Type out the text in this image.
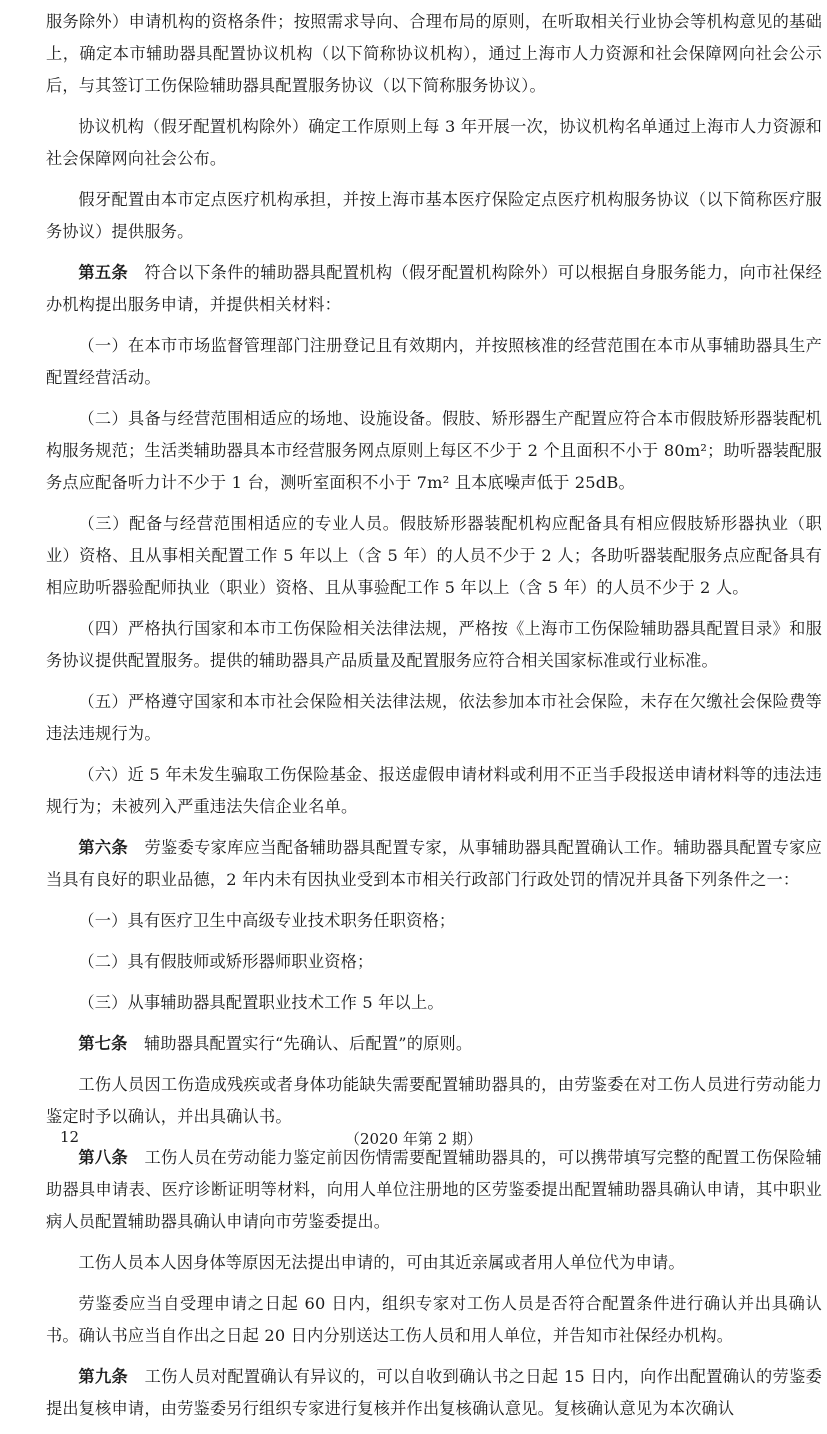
服务除外）申请机构的资格条件；按照需求导向、合理布局的原则，在听取相关行业协会等机构意见的基础上，确定本市辅助器具配置协议机构（以下简称协议机构），通过上海市人力资源和社会保障网向社会公示后，与其签订工伤保险辅助器具配置服务协议（以下简称服务协议）。

协议机构（假牙配置机构除外）确定工作原则上每 3 年开展一次，协议机构名单通过上海市人力资源和社会保障网向社会公布。

假牙配置由本市定点医疗机构承担，并按上海市基本医疗保险定点医疗机构服务协议（以下简称医疗服务协议）提供服务。

第五条　符合以下条件的辅助器具配置机构（假牙配置机构除外）可以根据自身服务能力，向市社保经办机构提出服务申请，并提供相关材料：

（一）在本市市场监督管理部门注册登记且有效期内，并按照核准的经营范围在本市从事辅助器具生产配置经营活动。

（二）具备与经营范围相适应的场地、设施设备。假肢、矫形器生产配置应符合本市假肢矫形器装配机构服务规范；生活类辅助器具本市经营服务网点原则上每区不少于 2 个且面积不小于 80m²；助听器装配服务点应配备听力计不少于 1 台，测听室面积不小于 7m² 且本底噪声低于 25dB。

（三）配备与经营范围相适应的专业人员。假肢矫形器装配机构应配备具有相应假肢矫形器执业（职业）资格、且从事相关配置工作 5 年以上（含 5 年）的人员不少于 2 人；各助听器装配服务点应配备具有相应助听器验配师执业（职业）资格、且从事验配工作 5 年以上（含 5 年）的人员不少于 2 人。

（四）严格执行国家和本市工伤保险相关法律法规，严格按《上海市工伤保险辅助器具配置目录》和服务协议提供配置服务。提供的辅助器具产品质量及配置服务应符合相关国家标准或行业标准。

（五）严格遵守国家和本市社会保险相关法律法规，依法参加本市社会保险，未存在欠缴社会保险费等违法违规行为。

（六）近 5 年未发生骗取工伤保险基金、报送虚假申请材料或利用不正当手段报送申请材料等的违法违规行为；未被列入严重违法失信企业名单。

第六条　劳鉴委专家库应当配备辅助器具配置专家，从事辅助器具配置确认工作。辅助器具配置专家应当具有良好的职业品德，2 年内未有因执业受到本市相关行政部门行政处罚的情况并具备下列条件之一：

（一）具有医疗卫生中高级专业技术职务任职资格；

（二）具有假肢师或矫形器师职业资格；

（三）从事辅助器具配置职业技术工作 5 年以上。

第七条　辅助器具配置实行“先确认、后配置”的原则。

工伤人员因工伤造成残疾或者身体功能缺失需要配置辅助器具的，由劳鉴委在对工伤人员进行劳动能力鉴定时予以确认，并出具确认书。

第八条　工伤人员在劳动能力鉴定前因伤情需要配置辅助器具的，可以携带填写完整的配置工伤保险辅助器具申请表、医疗诊断证明等材料，向用人单位注册地的区劳鉴委提出配置辅助器具确认申请，其中职业病人员配置辅助器具确认申请向市劳鉴委提出。

工伤人员本人因身体等原因无法提出申请的，可由其近亲属或者用人单位代为申请。

劳鉴委应当自受理申请之日起 60 日内，组织专家对工伤人员是否符合配置条件进行确认并出具确认书。确认书应当自作出之日起 20 日内分别送达工伤人员和用人单位，并告知市社保经办机构。

第九条　工伤人员对配置确认有异议的，可以自收到确认书之日起 15 日内，向作出配置确认的劳鉴委提出复核申请，由劳鉴委另行组织专家进行复核并作出复核确认意见。复核确认意见为本次确认

12	（2020 年第 2 期）
